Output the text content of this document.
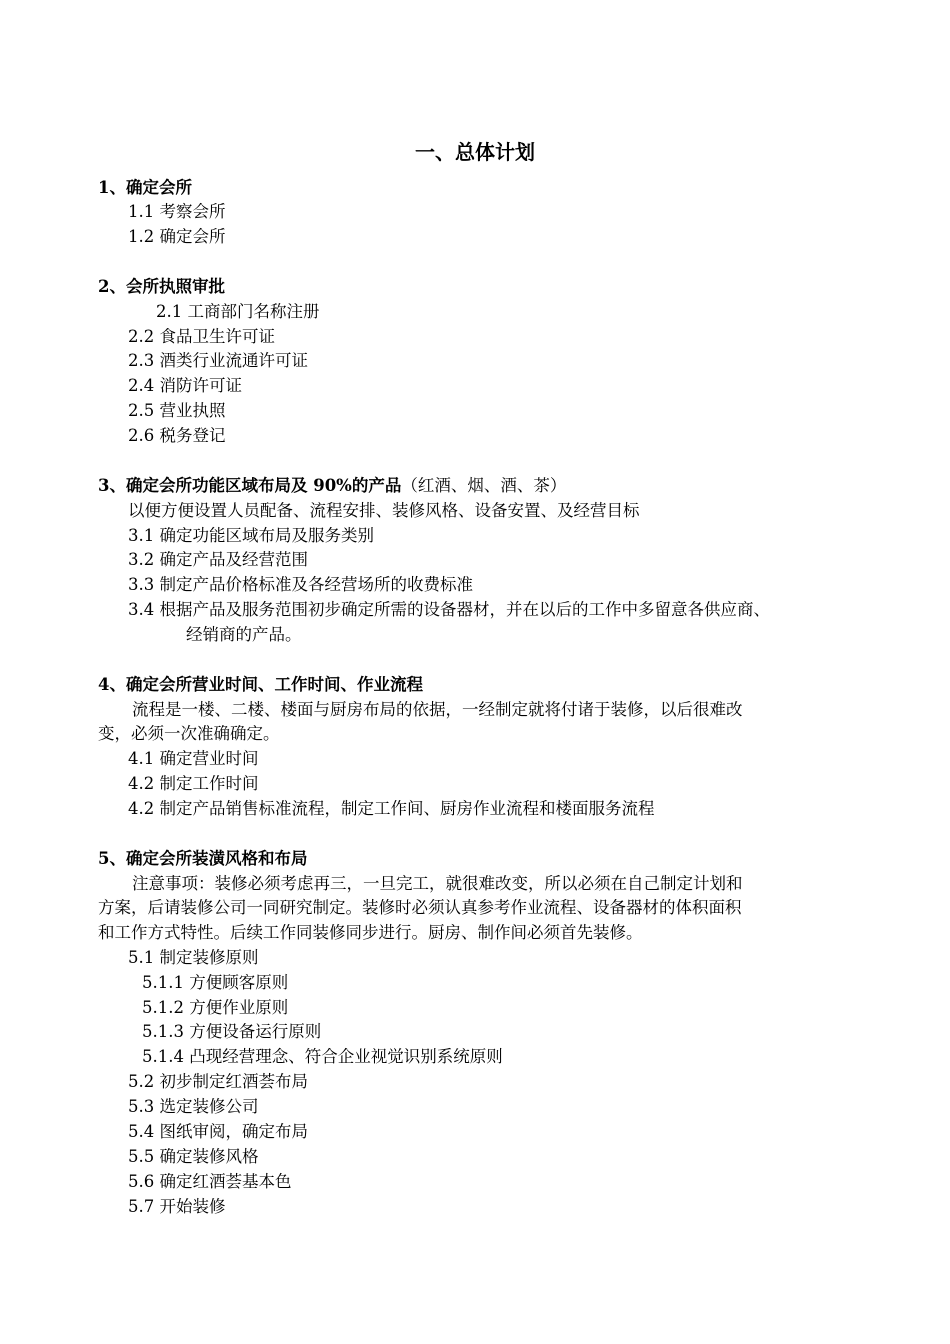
一、总体计划
1、确定会所
1.1 考察会所
1.2 确定会所
2、会所执照审批
2.1 工商部门名称注册
2.2 食品卫生许可证
2.3 酒类行业流通许可证
2.4 消防许可证
2.5 营业执照
2.6 税务登记
3、确定会所功能区域布局及 90%的产品（红酒、烟、酒、茶）
以便方便设置人员配备、流程安排、装修风格、设备安置、及经营目标
3.1 确定功能区域布局及服务类别
3.2 确定产品及经营范围
3.3 制定产品价格标准及各经营场所的收费标准
3.4 根据产品及服务范围初步确定所需的设备器材，并在以后的工作中多留意各供应商、
经销商的产品。
4、确定会所营业时间、工作时间、作业流程
流程是一楼、二楼、楼面与厨房布局的依据，一经制定就将付诸于装修，以后很难改
变，必须一次准确确定。
4.1 确定营业时间
4.2 制定工作时间
4.2 制定产品销售标准流程，制定工作间、厨房作业流程和楼面服务流程
5、确定会所装潢风格和布局
注意事项：装修必须考虑再三，一旦完工，就很难改变，所以必须在自己制定计划和
方案，后请装修公司一同研究制定。装修时必须认真参考作业流程、设备器材的体积面积
和工作方式特性。后续工作同装修同步进行。厨房、制作间必须首先装修。
5.1 制定装修原则
5.1.1 方便顾客原则
5.1.2 方便作业原则
5.1.3 方便设备运行原则
5.1.4 凸现经营理念、符合企业视觉识别系统原则
5.2 初步制定红酒荟布局
5.3 选定装修公司
5.4 图纸审阅，确定布局
5.5 确定装修风格
5.6 确定红酒荟基本色
5.7 开始装修
